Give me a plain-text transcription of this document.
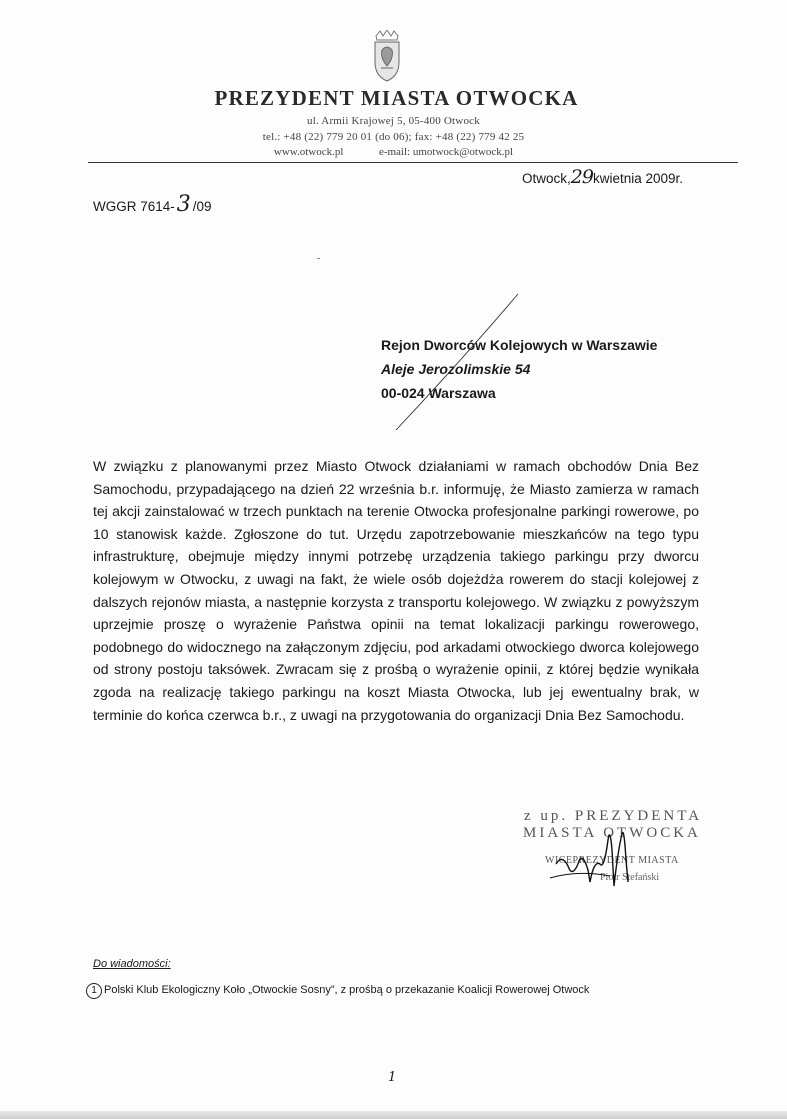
PREZYDENT MIASTA OTWOCKA
ul. Armii Krajowej 5, 05-400 Otwock
tel.: +48 (22) 779 20 01 (do 06); fax: +48 (22) 779 42 25
www.otwock.pl	e-mail: umotwock@otwock.pl
Otwock,29kwietnia 2009r.
WGGR 7614-3 /09
Rejon Dworców Kolejowych w Warszawie
Aleje Jerozolimskie 54
00-024 Warszawa
W związku z planowanymi przez Miasto Otwock działaniami w ramach obchodów Dnia Bez Samochodu, przypadającego na dzień 22 września b.r. informuję, że Miasto zamierza w ramach tej akcji zainstalować w trzech punktach na terenie Otwocka profesjonalne parkingi rowerowe, po 10 stanowisk każde. Zgłoszone do tut. Urzędu zapotrzebowanie mieszkańców na tego typu infrastrukturę, obejmuje między innymi potrzebę urządzenia takiego parkingu przy dworcu kolejowym w Otwocku, z uwagi na fakt, że wiele osób dojeżdża rowerem do stacji kolejowej z dalszych rejonów miasta, a następnie korzysta z transportu kolejowego. W związku z powyższym uprzejmie proszę o wyrażenie Państwa opinii na temat lokalizacji parkingu rowerowego, podobnego do widocznego na załączonym zdjęciu, pod arkadami otwockiego dworca kolejowego od strony postoju taksówek. Zwracam się z prośbą o wyrażenie opinii, z której będzie wynikała zgoda na realizację takiego parkingu na koszt Miasta Otwocka, lub jej ewentualny brak, w terminie do końca czerwca b.r., z uwagi na przygotowania do organizacji Dnia Bez Samochodu.
z up. PREZYDENTA
MIASTA OTWOCKA
WICEPREZYDENT MIASTA
Piotr Stefański
Do wiadomości:
1 Polski Klub Ekologiczny Koło „Otwockie Sosny”, z prośbą o przekazanie Koalicji Rowerowej Otwock
1
